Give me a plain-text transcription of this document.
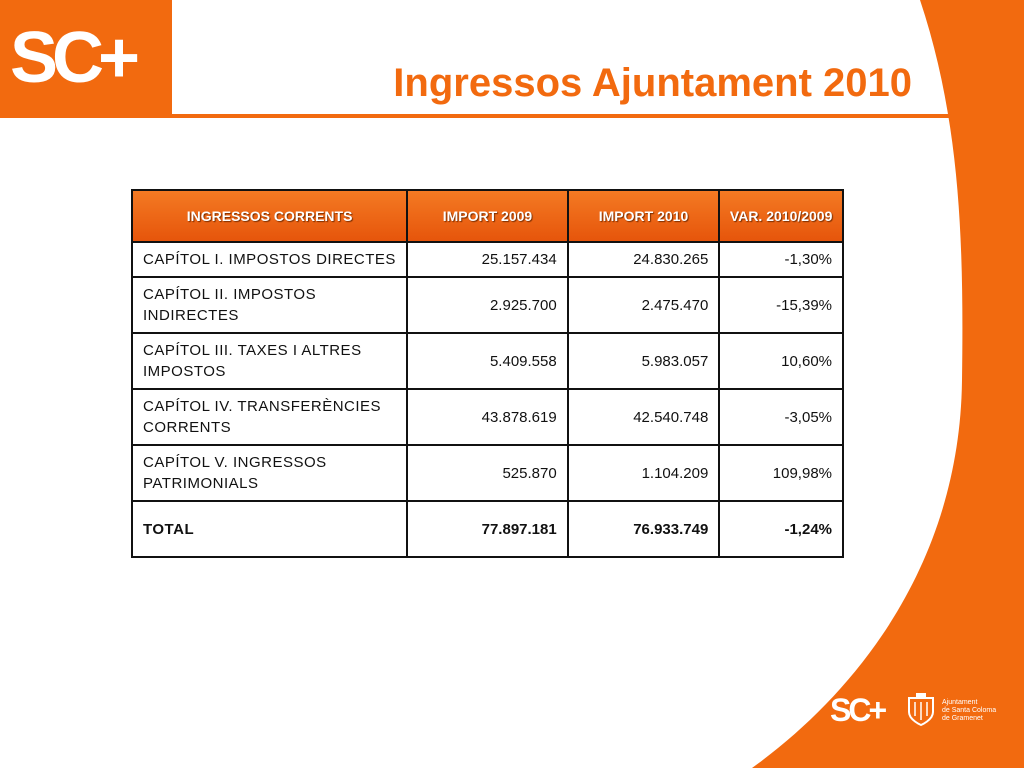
SC+	Ingressos Ajuntament 2010
INGRESSOS CORRENTS	IMPORT 2009	IMPORT 2010	VAR. 2010/2009
CAPÍTOL I. IMPOSTOS DIRECTES	25.157.434	24.830.265	-1,30%
CAPÍTOL II. IMPOSTOS INDIRECTES	2.925.700	2.475.470	-15,39%
CAPÍTOL III. TAXES I ALTRES IMPOSTOS	5.409.558	5.983.057	10,60%
CAPÍTOL IV. TRANSFERÈNCIES CORRENTS	43.878.619	42.540.748	-3,05%
CAPÍTOL V. INGRESSOS PATRIMONIALS	525.870	1.104.209	109,98%
TOTAL	77.897.181	76.933.749	-1,24%
SC+	Ajuntament
de Santa Coloma
de Gramenet
